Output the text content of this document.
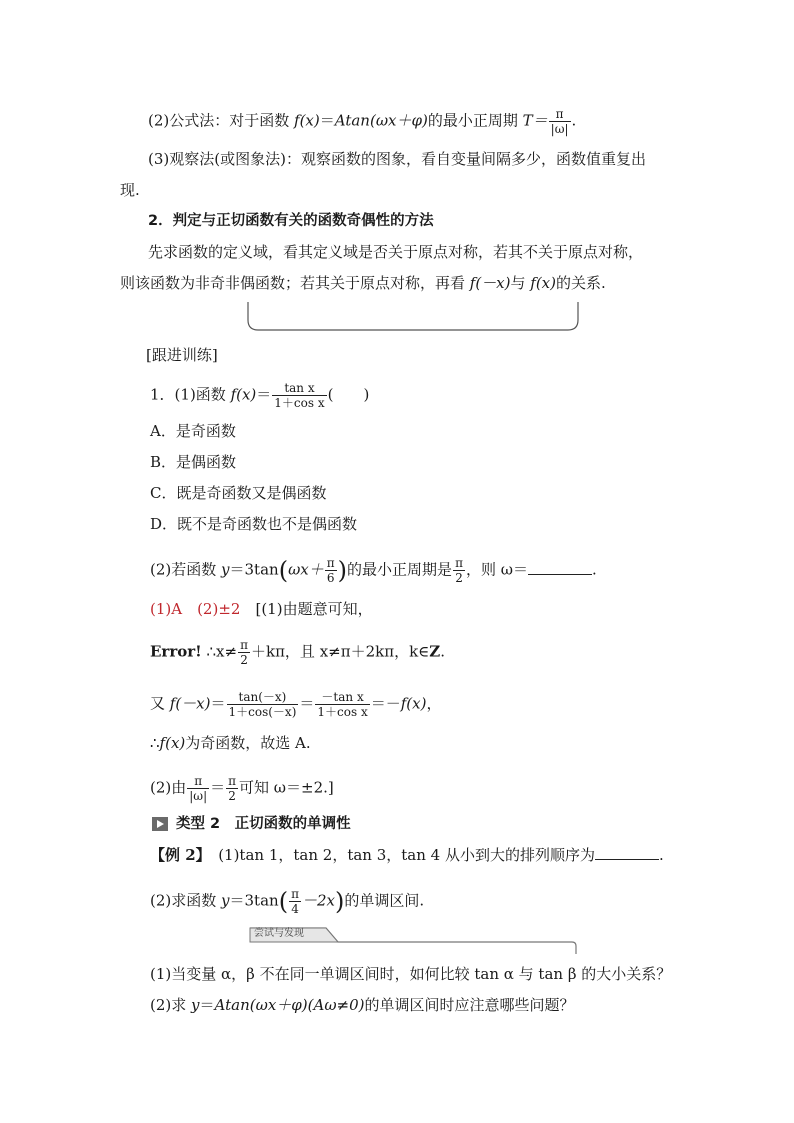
(2)公式法：对于函数 f(x)＝Atan(ωx＋φ)的最小正周期 $T= \frac{\pi}{|\omega|}$ .
(3)观察法(或图象法)：观察函数的图象，看自变量间隔多少，函数值重复出
现.
2．判定与正切函数有关的函数奇偶性的方法
先求函数的定义域，看其定义域是否关于原点对称，若其不关于原点对称，
则该函数为非奇非偶函数；若其关于原点对称，再看 f(－x)与 f(x)的关系.
[跟进训练]
1．(1)函数 $f(x)= \frac{\text{tan x}}{\text{1＋cos x}}$ (　　)
A．是奇函数
B．是偶函数
C．既是奇函数又是偶函数
D．既不是奇函数也不是偶函数
(2)若函数 $y=3\tan(\omega x+ \frac{\pi}{6}$ )的最小正周期是 $\frac{\pi}{2}$ ，则 ω＝	.
(1)A　(2)±2　 [(1)由题意可知，
Error! ∴x≠ $\frac{\pi}{2} +k\pi$，且 x≠π＋2kπ，k∈Z.
又 $f(-x)= \frac{\tan(-x)}{1+\cos(-x)} = \frac{\text{－tan x}}{\text{1＋cos x}} =-f(x)$，
∴f(x)为奇函数，故选 A.
(2)由 $\frac{\pi}{|\omega|} = \frac{\pi}{2}$ 可知 ω＝±2.]
类型 2　 正切函数的单调性
【例 2】　 (1)tan 1，tan 2，tan 3，tan 4 从小到大的排列顺序为	.
(2)求函数 $y=3\tan( \frac{\pi}{4} -2x)$的单调区间.
尝试与发现
(1)当变量 α，β 不在同一单调区间时，如何比较 tan α 与 tan β 的大小关系？
(2)求 y＝Atan(ωx＋φ)(Aω≠0)的单调区间时应注意哪些问题？
